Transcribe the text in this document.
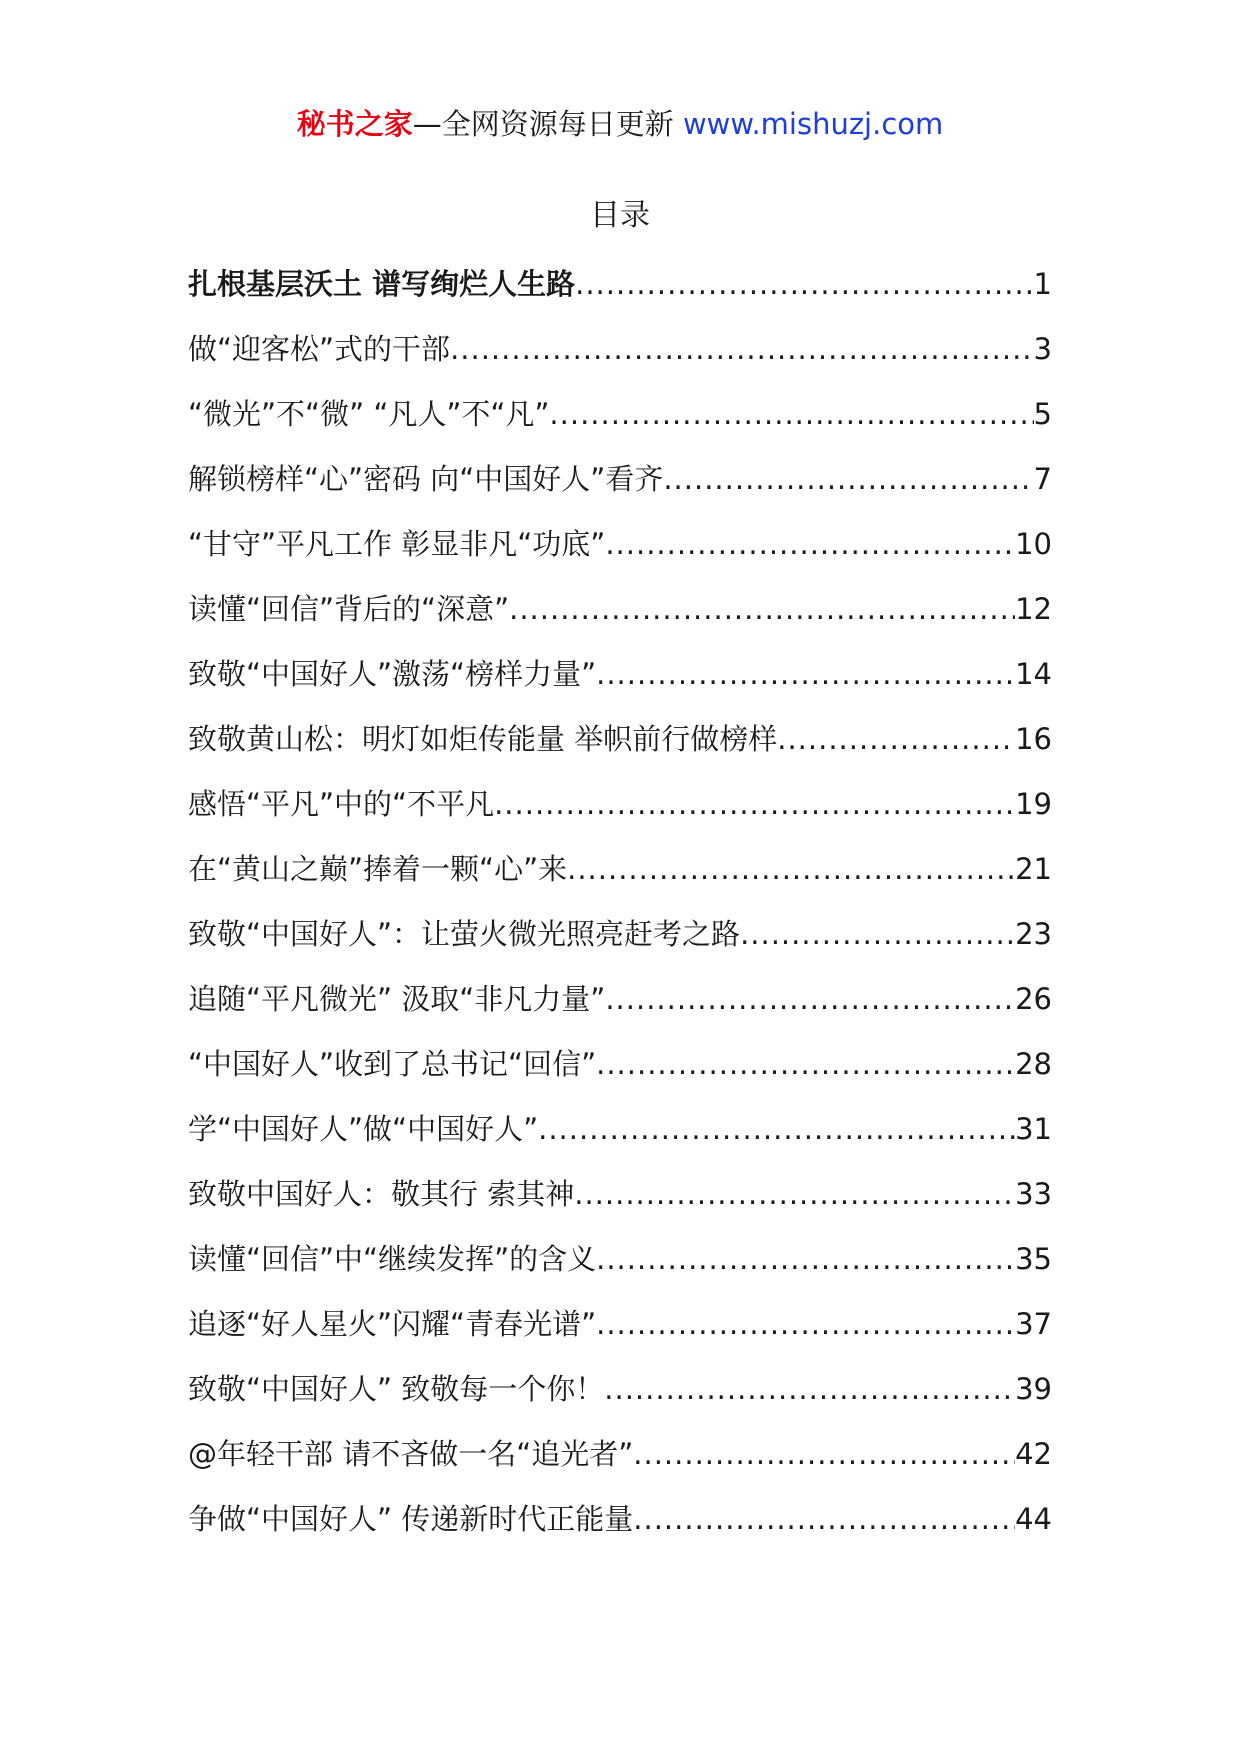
秘书之家—全网资源每日更新 www.mishuzj.com
目录
扎根基层沃土 谱写绚烂人生路 .....	1
做“迎客松”式的干部 .....	3
“微光”不“微” “凡人”不“凡” .....	5
解锁榜样“心”密码 向“中国好人”看齐 .....	7
“甘守”平凡工作 彰显非凡“功底” .....	10
读懂“回信”背后的“深意” .....	12
致敬“中国好人”激荡“榜样力量” .....	14
致敬黄山松：明灯如炬传能量 举帜前行做榜样 .....	16
感悟“平凡”中的“不平凡 .....	19
在“黄山之巅”捧着一颗“心”来 .....	21
致敬“中国好人”：让萤火微光照亮赶考之路 .....	23
追随“平凡微光” 汲取“非凡力量” .....	26
“中国好人”收到了总书记“回信” .....	28
学“中国好人”做“中国好人” .....	31
致敬中国好人：敬其行 索其神 .....	33
读懂“回信”中“继续发挥”的含义 .....	35
追逐“好人星火”闪耀“青春光谱” .....	37
致敬“中国好人” 致敬每一个你！ .....	39
@年轻干部 请不吝做一名“追光者” .....	42
争做“中国好人” 传递新时代正能量 .....	44
